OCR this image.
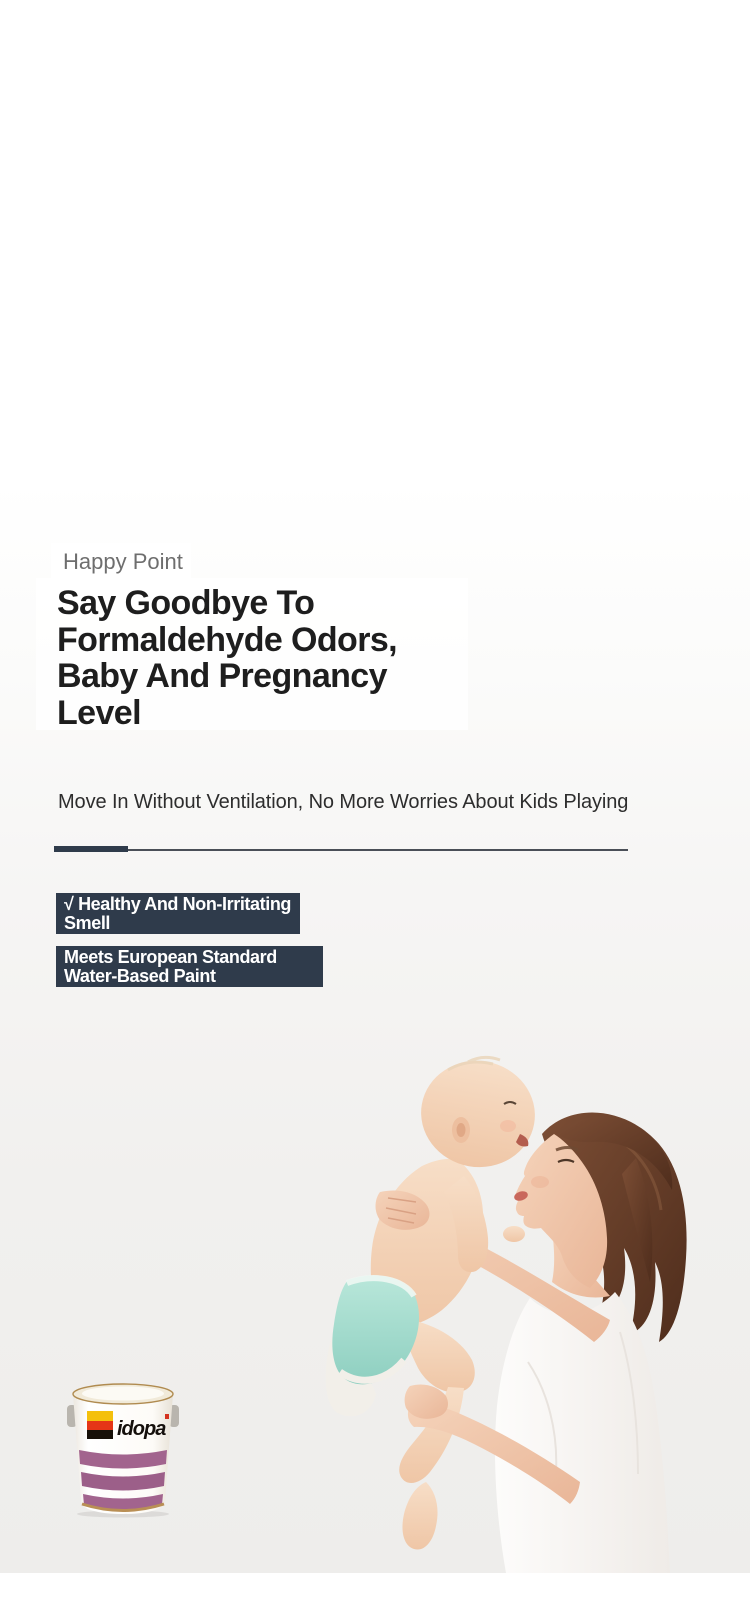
Happy Point
Say Goodbye To
Formaldehyde Odors,
Baby And Pregnancy
Level
Move In Without Ventilation, No More Worries About Kids Playing
√ Healthy And Non-Irritating
Smell
Meets European Standard
Water-Based Paint
idopa
